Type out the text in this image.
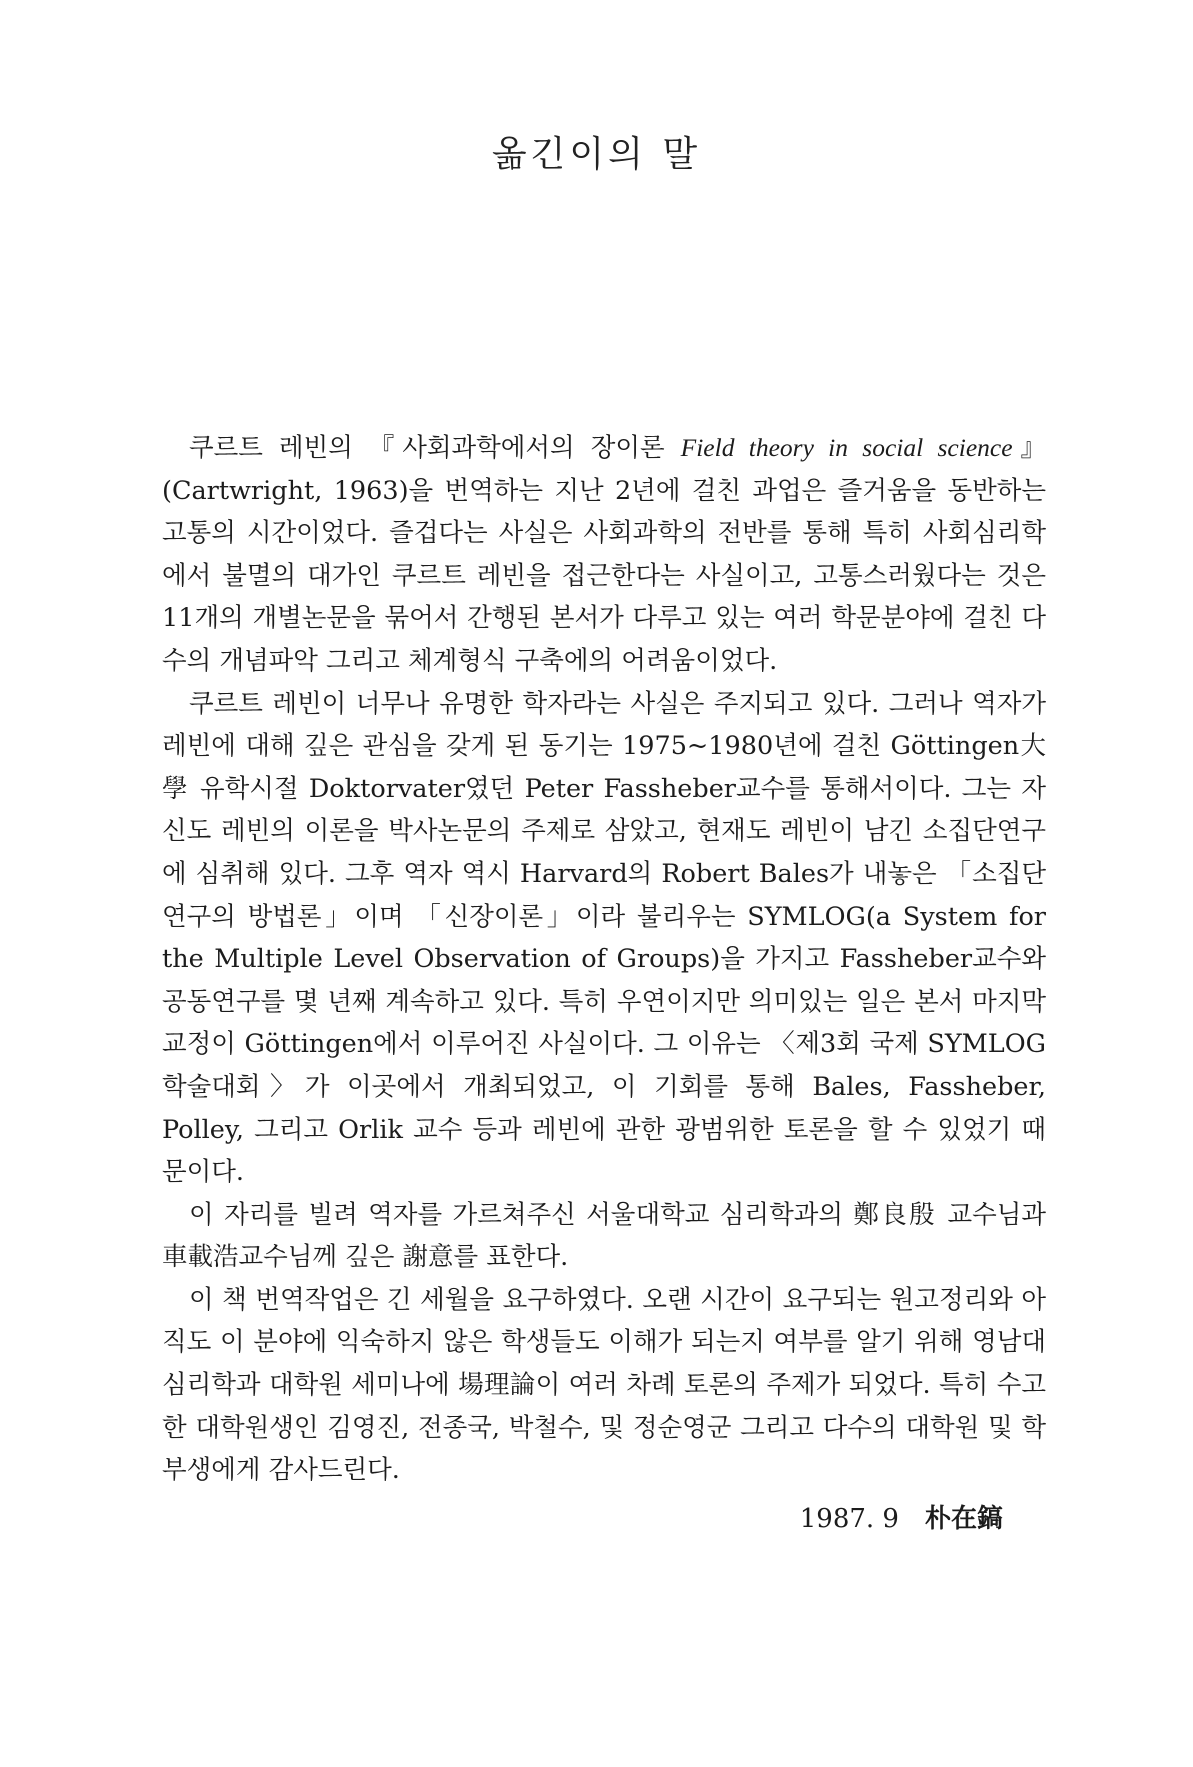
옮긴이의 말

쿠르트 레빈의 『사회과학에서의 장이론 Field theory in social science』 (Cartwright, 1963)을 번역하는 지난 2년에 걸친 과업은 즐거움을 동반하는 고통의 시간이었다. 즐겁다는 사실은 사회과학의 전반를 통해 특히 사회심리학에서 불멸의 대가인 쿠르트 레빈을 접근한다는 사실이고, 고통스러웠다는 것은 11개의 개별논문을 묶어서 간행된 본서가 다루고 있는 여러 학문분야에 걸친 다수의 개념파악 그리고 체계형식 구축에의 어려움이었다.

쿠르트 레빈이 너무나 유명한 학자라는 사실은 주지되고 있다. 그러나 역자가 레빈에 대해 깊은 관심을 갖게 된 동기는 1975~1980년에 걸친 Göttingen大學 유학시절 Doktorvater였던 Peter Fassheber교수를 통해서이다. 그는 자신도 레빈의 이론을 박사논문의 주제로 삼았고, 현재도 레빈이 남긴 소집단연구에 심취해 있다. 그후 역자 역시 Harvard의 Robert Bales가 내놓은 「소집단연구의 방법론」이며 「신장이론」이라 불리우는 SYMLOG(a System for the Multiple Level Observation of Groups)을 가지고 Fassheber교수와 공동연구를 몇 년째 계속하고 있다. 특히 우연이지만 의미있는 일은 본서 마지막 교정이 Göttingen에서 이루어진 사실이다. 그 이유는 〈제3회 국제 SYMLOG 학술대회〉가 이곳에서 개최되었고, 이 기회를 통해 Bales, Fassheber, Polley, 그리고 Orlik 교수 등과 레빈에 관한 광범위한 토론을 할 수 있었기 때문이다.

이 자리를 빌려 역자를 가르쳐주신 서울대학교 심리학과의 鄭良殷 교수님과 車載浩교수님께 깊은 謝意를 표한다.

이 책 번역작업은 긴 세월을 요구하였다. 오랜 시간이 요구되는 원고정리와 아직도 이 분야에 익숙하지 않은 학생들도 이해가 되는지 여부를 알기 위해 영남대 심리학과 대학원 세미나에 場理論이 여러 차례 토론의 주제가 되었다. 특히 수고한 대학원생인 김영진, 전종국, 박철수, 및 정순영군 그리고 다수의 대학원 및 학부생에게 감사드린다.

1987. 9 朴在鎬
